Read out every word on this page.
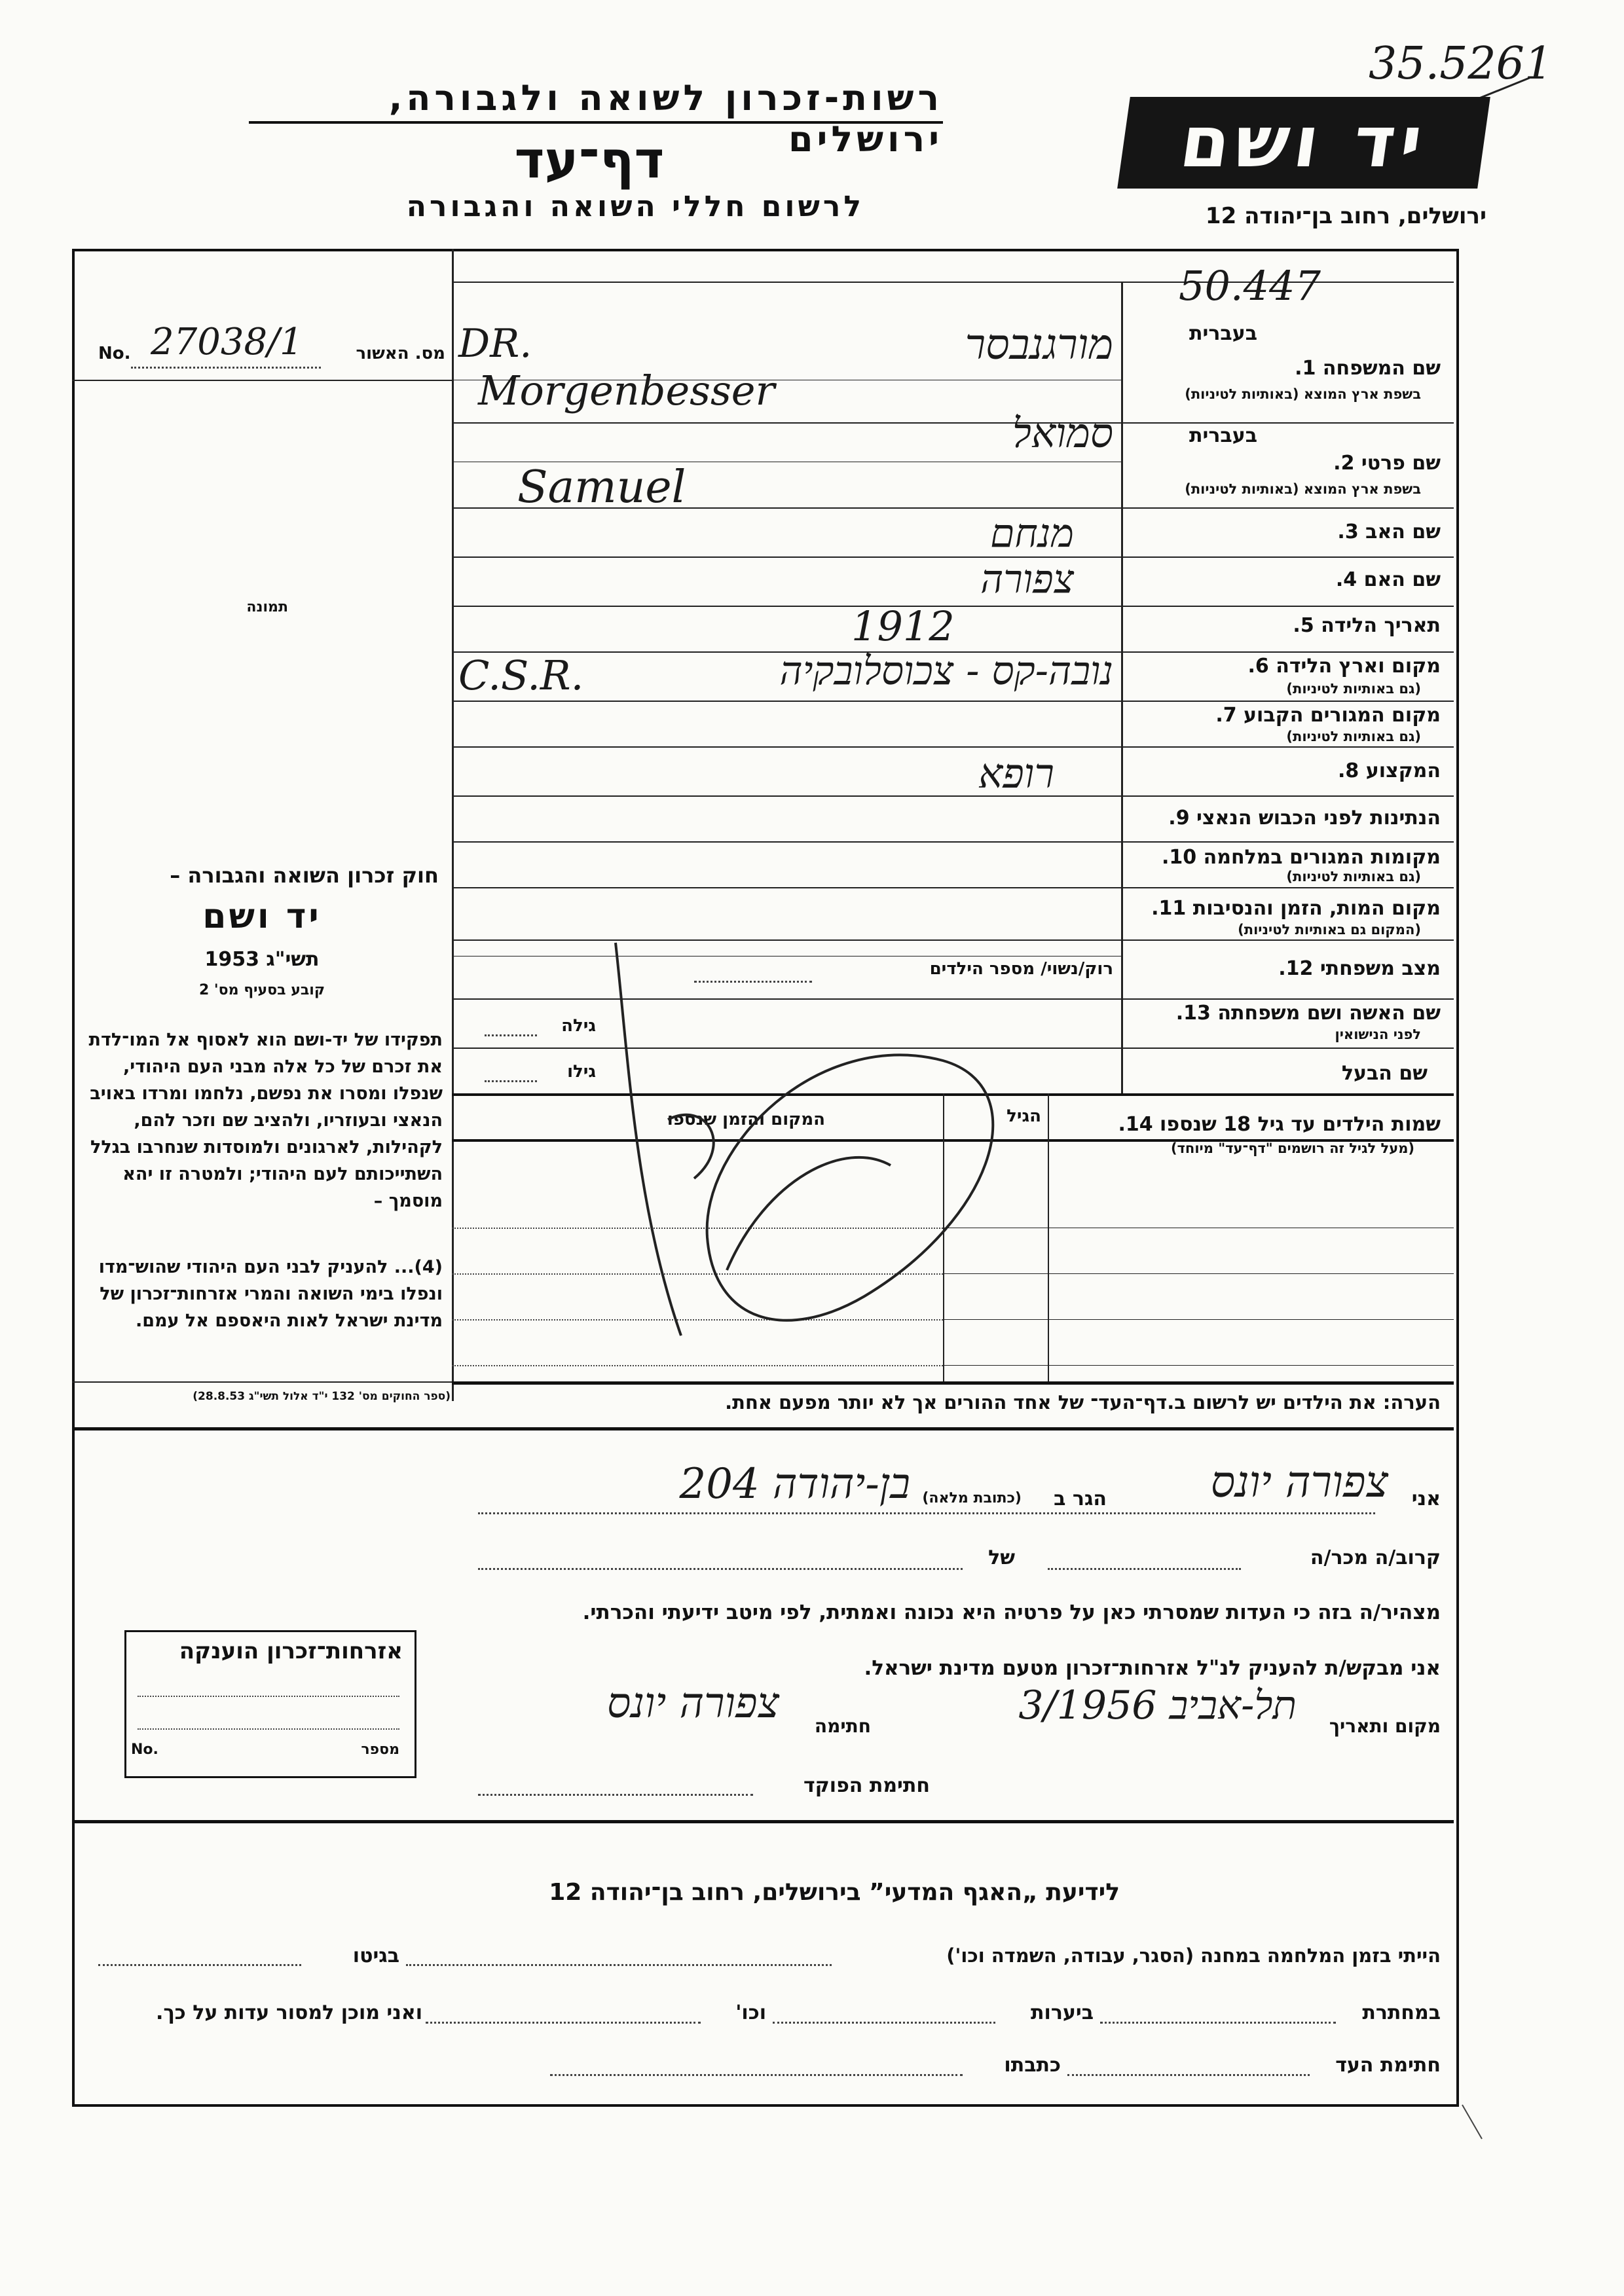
35.5261
רשות-זכרון לשואה ולגבורה, ירושלים
דף־עד
לרשום חללי השואה והגבורה
יד ושם
ירושלים, רחוב בן־יהודה 12
50.447
מס. האשור
No. 27038/1
תמונה
בעברית
שם המשפחה 1.
בשפת ארץ המוצא (באותיות לטיניות)
DR.	מורגנבסר
Morgenbesser
בעברית
שם פרטי 2.
בשפת ארץ המוצא (באותיות לטיניות)
סמואל
Samuel
שם האב 3.
מנחם
שם האם 4.
צפורה
תאריך הלידה 5.
1912
מקום וארץ הלידה 6.
(גם באותיות לטיניות)
C.S.R.	נובה-קס - צכוסלובקיה
מקום המגורים הקבוע 7.
(גם באותיות לטיניות)
המקצוע 8.
רופא
הנתינות לפני הכבוש הנאצי 9.
מקומות המגורים במלחמה 10.
(גם באותיות לטיניות)
מקום המות, הזמן והנסיבות 11.
(המקום גם באותיות לטיניות)
מצב משפחתי 12.
רוק/נשוי/ מספר הילדים
שם האשה ושם משפחתה 13.
לפני הנישואין
גילה
שם הבעל
גילו
שמות הילדים עד גיל 18 שנספו 14.
(מעל לגיל זה רושמים "דף־עד" מיוחד)
הגיל
המקום והזמן שנספו
חוק זכרון השואה והגבורה –
יד ושם
תשי"ג 1953
קובע בסעיף מס' 2
תפקידו של יד-ושם הוא לאסוף אל המו־לדת את זכרם של כל אלה מבני העם היהודי, שנפלו ומסרו את נפשם, נלחמו ומרדו באויב הנאצי ובעוזריו, ולהציב שם וזכר להם, לקהילות, לארגונים ולמוסדות שנחרבו בגלל השתייכותם לעם היהודי; ולמטרה זו יהא מוסמך –
(4)... להעניק לבני העם היהודי שהוש־מדו ונפלו בימי השואה והמרי אזרחות־זכרון של מדינת ישראל לאות היאספם אל עמם.
(ספר החוקים מס' 132 י"ד אלול תשי"ג 28.8.53)	הערה: את הילדים יש לרשום ב.דף־העד־ של אחד ההורים אך לא יותר מפעם אחת.
אני
צפורה יונס
הגר ב
(כתובת מלאה)
בן-יהודה 204
קרוב/ה מכר/ה
של
מצהיר/ה בזה כי העדות שמסרתי כאן על פרטיה היא נכונה ואמתית, לפי מיטב ידיעתי והכרתי.
אני מבקש/ת להעניק לנ"ל אזרחות־זכרון מטעם מדינת ישראל.
מקום ותאריך
תל-אביב 3/1956
חתימה
צפורה יונס
חתימת הפוקד
אזרחות־זכרון הוענקה
מספר
No.
לידיעת „האגף המדעי” בירושלים, רחוב בן־יהודה 12
הייתי בזמן המלחמה במחנה (הסגר, עבודה, השמדה וכו')
בגיטו
במחתרת
ביערות
וכו'
ואני מוכן למסור עדות על כך.
חתימת העד
כתבתו
